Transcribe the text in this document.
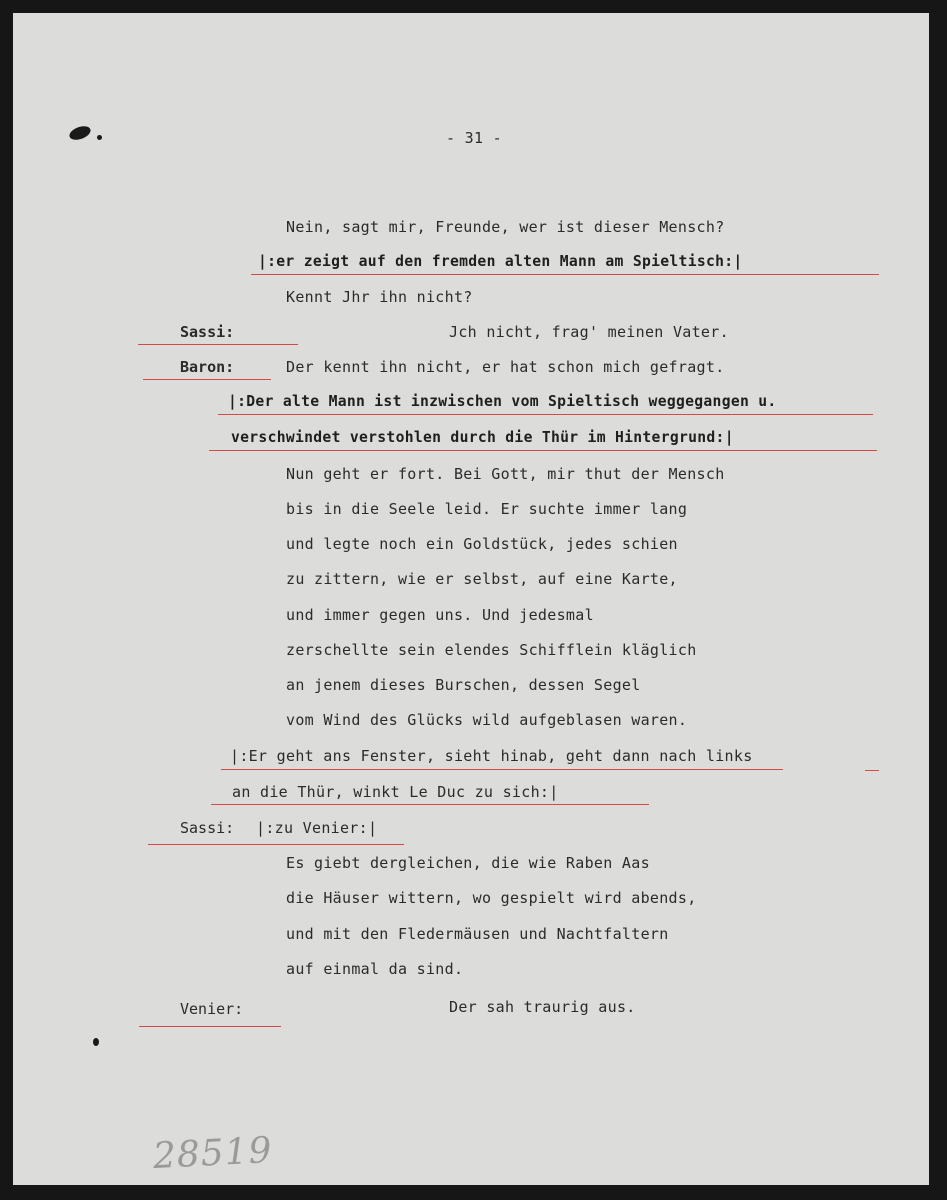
- 31 -
Nein, sagt mir, Freunde, wer ist dieser Mensch?
|:er zeigt auf den fremden alten Mann am Spieltisch:|
Kennt Jhr ihn nicht?
Sassi:	Jch nicht, frag' meinen Vater.
Baron:	Der kennt ihn nicht, er hat schon mich gefragt.
|:Der alte Mann ist inzwischen vom Spieltisch weggegangen u.
verschwindet verstohlen durch die Thür im Hintergrund:|
Nun geht er fort. Bei Gott, mir thut der Mensch
bis in die Seele leid. Er suchte immer lang
und legte noch ein Goldstück, jedes schien
zu zittern, wie er selbst, auf eine Karte,
und immer gegen uns. Und jedesmal
zerschellte sein elendes Schifflein kläglich
an jenem dieses Burschen, dessen Segel
vom Wind des Glücks wild aufgeblasen waren.
|:Er geht ans Fenster, sieht hinab, geht dann nach links
an die Thür, winkt Le Duc zu sich:|
Sassi: |:zu Venier:|
Es giebt dergleichen, die wie Raben Aas
die Häuser wittern, wo gespielt wird abends,
und mit den Fledermäusen und Nachtfaltern
auf einmal da sind.
Venier:	Der sah traurig aus.
28519
